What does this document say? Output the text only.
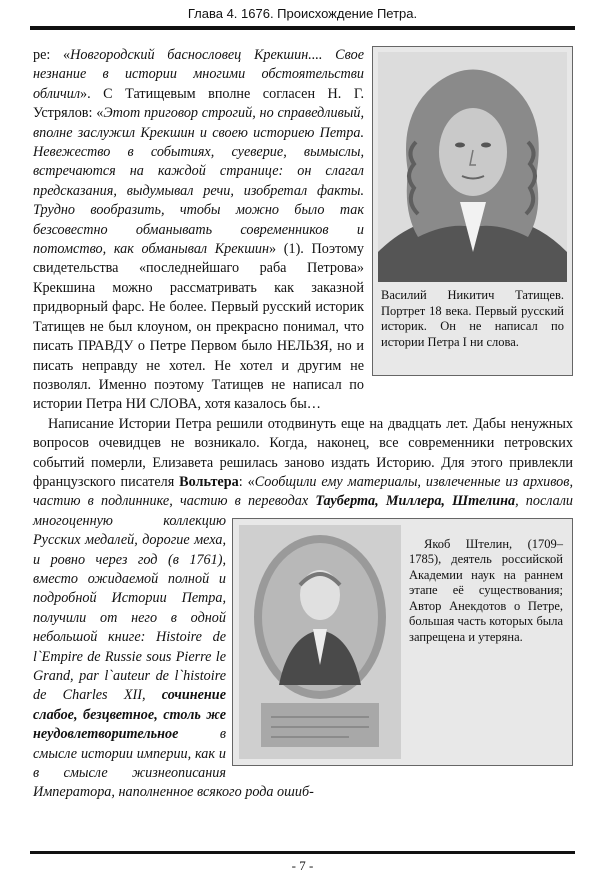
Глава 4. 1676. Происхождение Петра.
Василий Никитич Татищев. Портрет 18 века. Первый русский историк. Он не написал по истории Петра I ни слова.

ре: «Новгородский баснословец Крекшин.... Свое незнание в истории многими обстоятельстви обличил». С Татищевым вполне согласен Н. Г. Устрялов: «Этот приговор строгий, но справедливый, вполне заслужил Крекшин и своею историею Петра. Невежество в событиях, суеверие, вымыслы, встречаются на каждой странице: он слагал предсказания, выдумывал речи, изобретал факты. Трудно вообразить, чтобы можно было так безсовестно обманывать современников и потомство, как обманывал Крекшин» (1). Поэтому свидетельства «последнейшаго раба Петрова» Крекшина можно рассматривать как заказной придворный фарс. Не более. Первый русский историк Татищев не был клоуном, он прекрасно понимал, что писать ПРАВДУ о Петре Первом было НЕЛЬЗЯ, но и писать неправду не хотел. Не хотел и другим не позволял. Именно поэтому Татищев не написал по истории Петра НИ СЛОВА, хотя казалось бы…

Написание Истории Петра решили отодвинуть еще на двадцать лет. Дабы ненужных вопросов очевидцев не возникало. Когда, наконец, все современники петровских событий померли, Елизавета решилась заново издать Историю. Для этого привлекли французского писателя Вольтера: «Сообщили ему материалы, извлеченные из архивов, частию в подлиннике, частию в переводах
Якоб Штелин, (1709–1785), деятель российской Академии наук на раннем этапе её существования; Автор Анекдотов о Петре, большая часть которых была запрещена и утеряна.
Тауберта, Миллера, Штелина, послали многоценную коллекцию Русских медалей, дорогие меха, и ровно через год (в 1761), вместо ожидаемой полной и подробной Истории Петра, получили от него в одной небольшой книге: Histoire de l`Empire de Russie sous Pierre le Grand, par l`auteur de l`histoire de Charles XII, сочинение слабое, безцветное, столь же неудовлетворительное в смысле истории империи, как и в смысле жизнеописания Императора, наполненное всякого рода ошиб-

- 7 -
